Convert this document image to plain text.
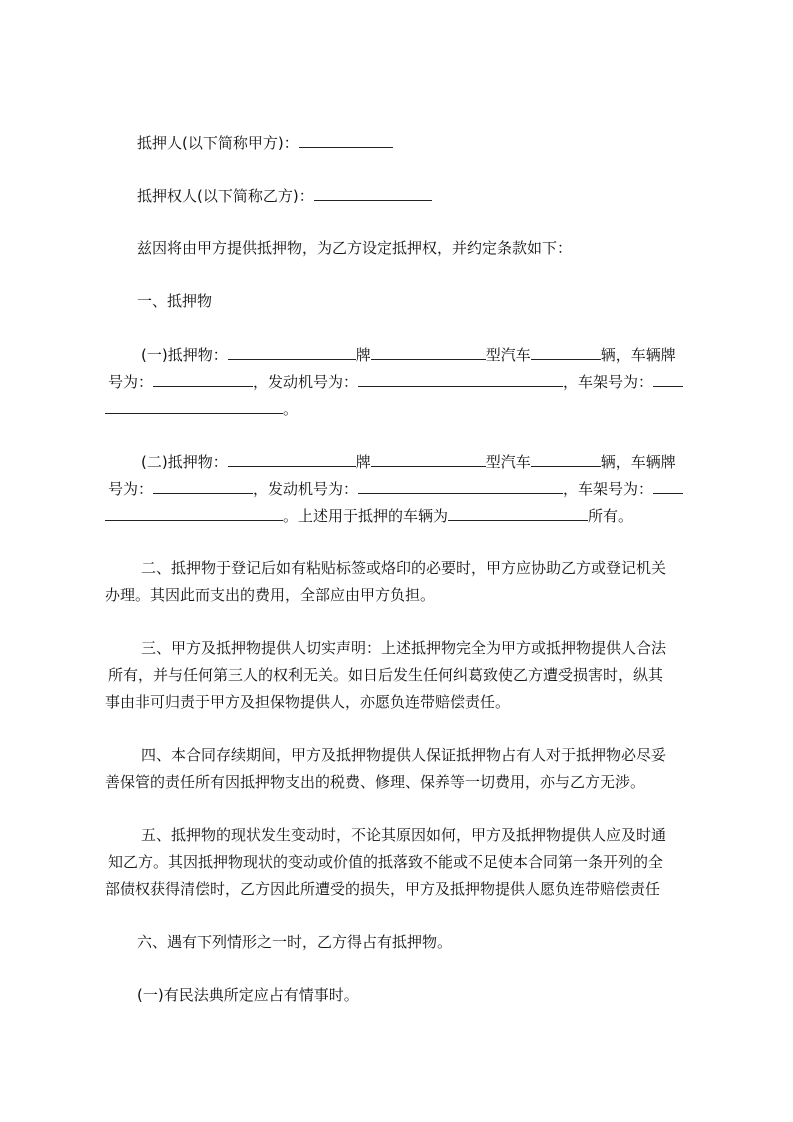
抵押人(以下简称甲方)：
抵押权人(以下简称乙方)：
兹因将由甲方提供抵押物，为乙方设定抵押权，并约定条款如下：
一、抵押物
(一)抵押物：	牌	型汽车	辆，车辆牌
号为：	，发动机号为：	，车架号为：
。
(二)抵押物：	牌	型汽车	辆，车辆牌
号为：	，发动机号为：	，车架号为：
。上述用于抵押的车辆为	所有。
二、抵押物于登记后如有粘贴标签或烙印的必要时，甲方应协助乙方或登记机关
办理。其因此而支出的费用，全部应由甲方负担。
三、甲方及抵押物提供人切实声明：上述抵押物完全为甲方或抵押物提供人合法
所有，并与任何第三人的权利无关。如日后发生任何纠葛致使乙方遭受损害时，纵其
事由非可归责于甲方及担保物提供人，亦愿负连带赔偿责任。
四、本合同存续期间，甲方及抵押物提供人保证抵押物占有人对于抵押物必尽妥
善保管的责任所有因抵押物支出的税费、修理、保养等一切费用，亦与乙方无涉。
五、抵押物的现状发生变动时，不论其原因如何，甲方及抵押物提供人应及时通
知乙方。其因抵押物现状的变动或价值的抵落致不能或不足使本合同第一条开列的全
部债权获得清偿时，乙方因此所遭受的损失，甲方及抵押物提供人愿负连带赔偿责任
六、遇有下列情形之一时，乙方得占有抵押物。
(一)有民法典所定应占有情事时。
